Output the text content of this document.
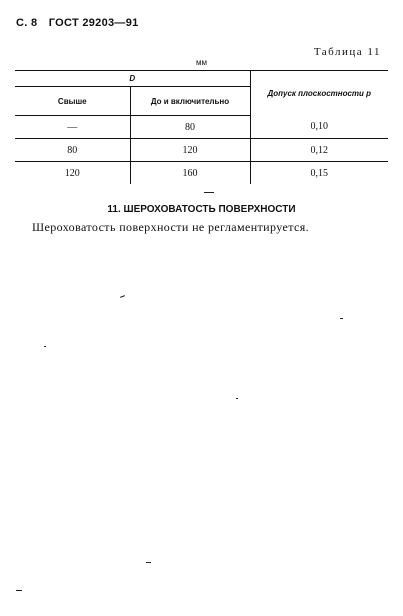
С. 8 ГОСТ 29203—91
Таблица 11
мм
D		Допуск плоскостности p
Свыше	До и включительно	
—	80	0,10
80	120	0,12
120	160	0,15
11. ШЕРОХОВАТОСТЬ ПОВЕРХНОСТИ
Шероховатость поверхности не регламентируется.
